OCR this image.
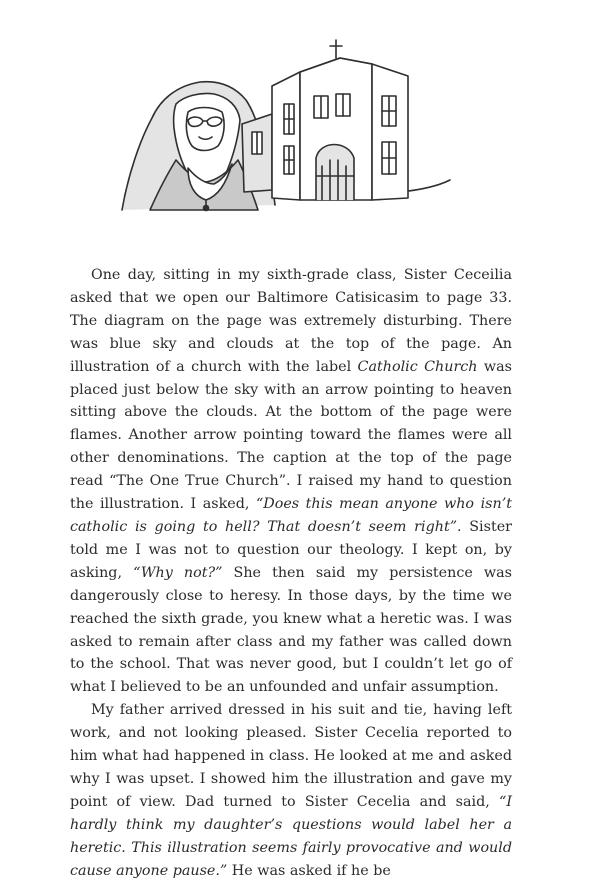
One day, sitting in my sixth-grade class, Sister Ceceilia asked that we open our Baltimore Catisicasim to page 33. The diagram on the page was extremely disturbing. There was blue sky and clouds at the top of the page. An illustration of a church with the label Catholic Church was placed just below the sky with an arrow pointing to heaven sitting above the clouds. At the bottom of the page were flames. Another arrow pointing toward the flames were all other denominations. The caption at the top of the page read “The One True Church”. I raised my hand to question the illustration. I asked, “Does this mean anyone who isn’t catholic is going to hell? That doesn’t seem right”. Sister told me I was not to question our theology. I kept on, by asking, “Why not?” She then said my persistence was dangerously close to heresy. In those days, by the time we reached the sixth grade, you knew what a heretic was. I was asked to remain after class and my father was called down to the school. That was never good, but I couldn’t let go of what I believed to be an unfounded and unfair assumption.

My father arrived dressed in his suit and tie, having left work, and not looking pleased. Sister Cecelia reported to him what had happened in class. He looked at me and asked why I was upset. I showed him the illustration and gave my point of view. Dad turned to Sister Cecelia and said, “I hardly think my daughter’s questions would label her a heretic. This illustration seems fairly provocative and would cause anyone pause.” He was asked if he be
